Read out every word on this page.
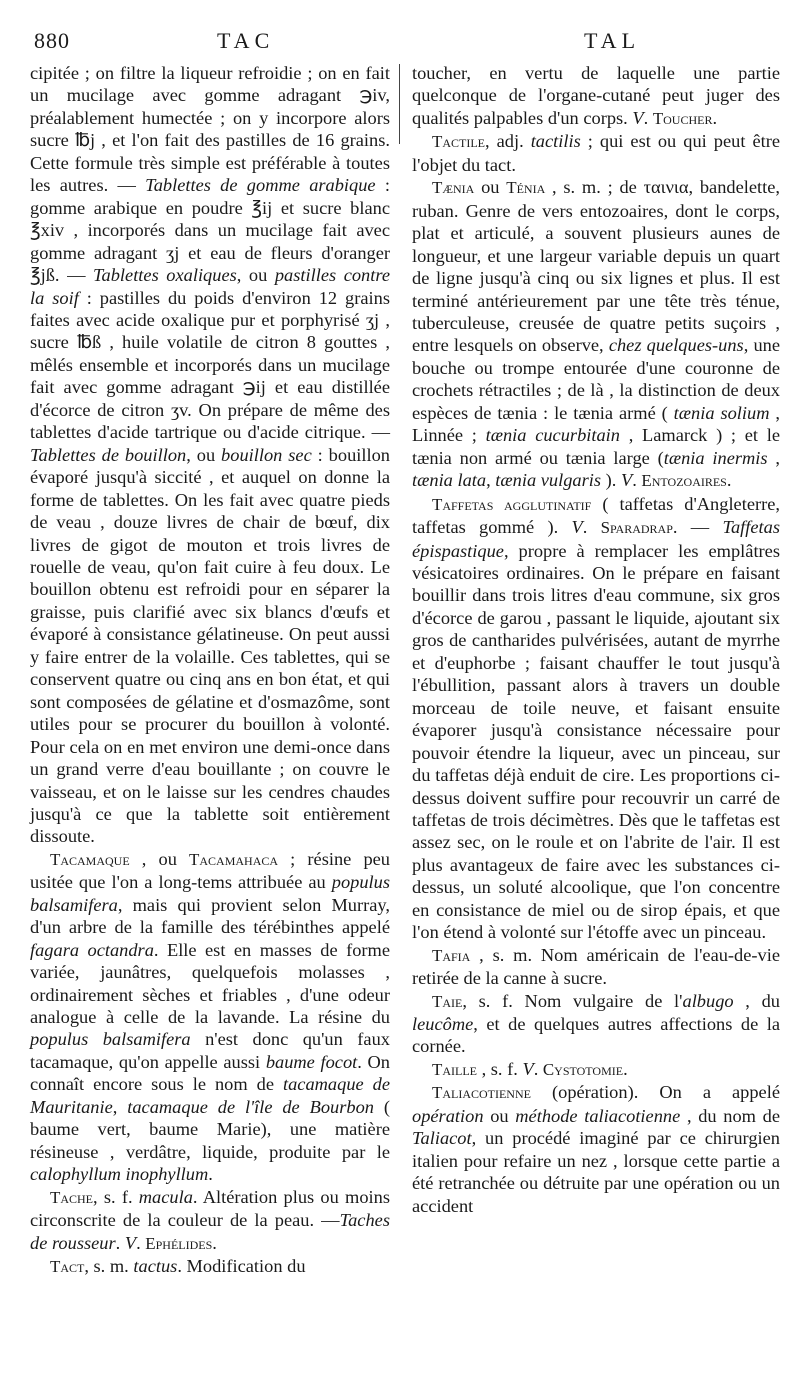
880	TAC	TAL

cipitée ; on filtre la liqueur refroidie ; on en fait un mucilage avec gomme adragant ℈iv, préalablement humectée ; on y incorpore alors sucre ℔j , et l'on fait des pastilles de 16 grains. Cette formule très simple est préférable à toutes les autres. — Tablettes de gomme arabique : gomme arabique en poudre ℥ij et sucre blanc ℥xiv , incorporés dans un mucilage fait avec gomme adragant ʒj et eau de fleurs d'oranger ℥jß. — Tablettes oxaliques, ou pastilles contre la soif : pastilles du poids d'environ 12 grains faites avec acide oxalique pur et porphyrisé ʒj , sucre ℔ß , huile volatile de citron 8 gouttes , mêlés ensemble et incorporés dans un mucilage fait avec gomme adragant ℈ij et eau distillée d'écorce de citron ʒv. On prépare de même des tablettes d'acide tartrique ou d'acide citrique. — Tablettes de bouillon, ou bouillon sec : bouillon évaporé jusqu'à siccité , et auquel on donne la forme de tablettes. On les fait avec quatre pieds de veau , douze livres de chair de bœuf, dix livres de gigot de mouton et trois livres de rouelle de veau, qu'on fait cuire à feu doux. Le bouillon obtenu est refroidi pour en séparer la graisse, puis clarifié avec six blancs d'œufs et évaporé à consistance gélatineuse. On peut aussi y faire entrer de la volaille. Ces tablettes, qui se conservent quatre ou cinq ans en bon état, et qui sont composées de gélatine et d'osmazôme, sont utiles pour se procurer du bouillon à volonté. Pour cela on en met environ une demi-once dans un grand verre d'eau bouillante ; on couvre le vaisseau, et on le laisse sur les cendres chaudes jusqu'à ce que la tablette soit entièrement dissoute.

Tacamaque , ou Tacamahaca ; résine peu usitée que l'on a long-tems attribuée au populus balsamifera, mais qui provient selon Murray, d'un arbre de la famille des térébinthes appelé fagara octandra. Elle est en masses de forme variée, jaunâtres, quelquefois molasses , ordinairement sèches et friables , d'une odeur analogue à celle de la lavande. La résine du populus balsamifera n'est donc qu'un faux tacamaque, qu'on appelle aussi baume focot. On connaît encore sous le nom de tacamaque de Mauritanie, tacamaque de l'île de Bourbon ( baume vert, baume Marie), une matière résineuse , verdâtre, liquide, produite par le calophyllum inophyllum.

Tache, s. f. macula. Altération plus ou moins circonscrite de la couleur de la peau. —Taches de rousseur. V. Ephélides.

Tact, s. m. tactus. Modification du

toucher, en vertu de laquelle une partie quelconque de l'organe-cutané peut juger des qualités palpables d'un corps. V. Toucher.

Tactile, adj. tactilis ; qui est ou qui peut être l'objet du tact.

Tænia ou Ténia , s. m. ; de ταινια, bandelette, ruban. Genre de vers entozoaires, dont le corps, plat et articulé, a souvent plusieurs aunes de longueur, et une largeur variable depuis un quart de ligne jusqu'à cinq ou six lignes et plus. Il est terminé antérieurement par une tête très ténue, tuberculeuse, creusée de quatre petits suçoirs , entre lesquels on observe, chez quelques-uns, une bouche ou trompe entourée d'une couronne de crochets rétractiles ; de là , la distinction de deux espèces de tænia : le tænia armé ( tænia solium , Linnée ; tænia cucurbitain , Lamarck ) ; et le tænia non armé ou tænia large (tænia inermis , tænia lata, tænia vulgaris ). V. Entozoaires.

Taffetas agglutinatif ( taffetas d'Angleterre, taffetas gommé ). V. Sparadrap. — Taffetas épispastique, propre à remplacer les emplâtres vésicatoires ordinaires. On le prépare en faisant bouillir dans trois litres d'eau commune, six gros d'écorce de garou , passant le liquide, ajoutant six gros de cantharides pulvérisées, autant de myrrhe et d'euphorbe ; faisant chauffer le tout jusqu'à l'ébullition, passant alors à travers un double morceau de toile neuve, et faisant ensuite évaporer jusqu'à consistance nécessaire pour pouvoir étendre la liqueur, avec un pinceau, sur du taffetas déjà enduit de cire. Les proportions ci-dessus doivent suffire pour recouvrir un carré de taffetas de trois décimètres. Dès que le taffetas est assez sec, on le roule et on l'abrite de l'air. Il est plus avantageux de faire avec les substances ci-dessus, un soluté alcoolique, que l'on concentre en consistance de miel ou de sirop épais, et que l'on étend à volonté sur l'étoffe avec un pinceau.

Tafia , s. m. Nom américain de l'eau-de-vie retirée de la canne à sucre.

Taie, s. f. Nom vulgaire de l'albugo , du leucôme, et de quelques autres affections de la cornée.

Taille , s. f. V. Cystotomie.

Taliacotienne (opération). On a appelé opération ou méthode taliacotienne , du nom de Taliacot, un procédé imaginé par ce chirurgien italien pour refaire un nez , lorsque cette partie a été retranchée ou détruite par une opération ou un accident
